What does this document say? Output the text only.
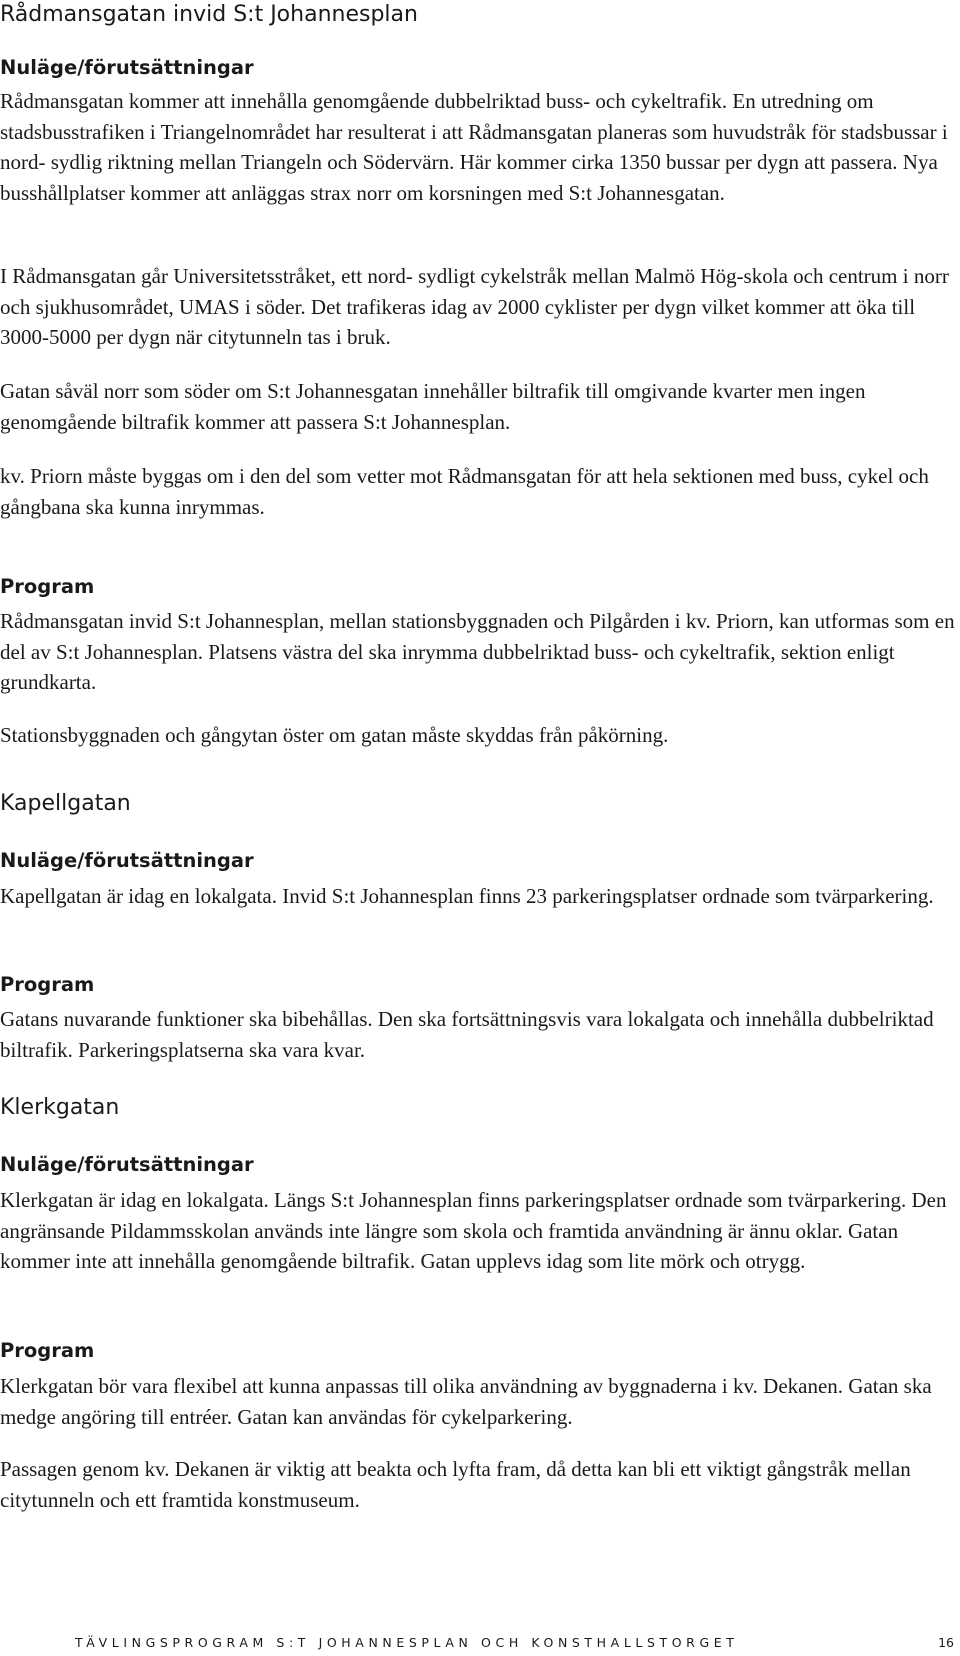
Rådmansgatan invid S:t Johannesplan
Nuläge/förutsättningar

Rådmansgatan kommer att innehålla genomgående dubbelriktad buss- och cykeltrafik. En utredning om stadsbusstrafiken i Triangelnområdet har resulterat i att Rådmansgatan planeras som huvudstråk för stadsbussar i nord- sydlig riktning mellan Triangeln och Södervärn. Här kommer cirka 1350 bussar per dygn att passera. Nya busshållplatser kommer att anläggas strax norr om korsningen med S:t Johannesgatan.

I Rådmansgatan går Universitetsstråket, ett nord- sydligt cykelstråk mellan Malmö Hög-skola och centrum i norr och sjukhusområdet, UMAS i söder. Det trafikeras idag av 2000 cyklister per dygn vilket kommer att öka till 3000-5000 per dygn när citytunneln tas i bruk.

Gatan såväl norr som söder om S:t Johannesgatan innehåller biltrafik till omgivande kvarter men ingen genomgående biltrafik kommer att passera S:t Johannesplan.

kv. Priorn måste byggas om i den del som vetter mot Rådmansgatan för att hela sektionen med buss, cykel och gångbana ska kunna inrymmas.

Program

Rådmansgatan invid S:t Johannesplan, mellan stationsbyggnaden och Pilgården i kv. Priorn, kan utformas som en del av S:t Johannesplan. Platsens västra del ska inrymma dubbelriktad buss- och cykeltrafik, sektion enligt grundkarta.

Stationsbyggnaden och gångytan öster om gatan måste skyddas från påkörning.

Kapellgatan
Nuläge/förutsättningar

Kapellgatan är idag en lokalgata. Invid S:t Johannesplan finns 23 parkeringsplatser ordnade som tvärparkering.

Program

Gatans nuvarande funktioner ska bibehållas. Den ska fortsättningsvis vara lokalgata och innehålla dubbelriktad biltrafik. Parkeringsplatserna ska vara kvar.

Klerkgatan
Nuläge/förutsättningar

Klerkgatan är idag en lokalgata. Längs S:t Johannesplan finns parkeringsplatser ordnade som tvärparkering. Den angränsande Pildammsskolan används inte längre som skola och framtida användning är ännu oklar. Gatan kommer inte att innehålla genomgående biltrafik. Gatan upplevs idag som lite mörk och otrygg.

Program

Klerkgatan bör vara flexibel att kunna anpassas till olika användning av byggnaderna i kv. Dekanen. Gatan ska medge angöring till entréer. Gatan kan användas för cykelparkering.

Passagen genom kv. Dekanen är viktig att beakta och lyfta fram, då detta kan bli ett viktigt gångstråk mellan citytunneln och ett framtida konstmuseum.

TÄVLINGSPROGRAM S:T JOHANNESPLAN OCH KONSTHALLSTORGET	16
